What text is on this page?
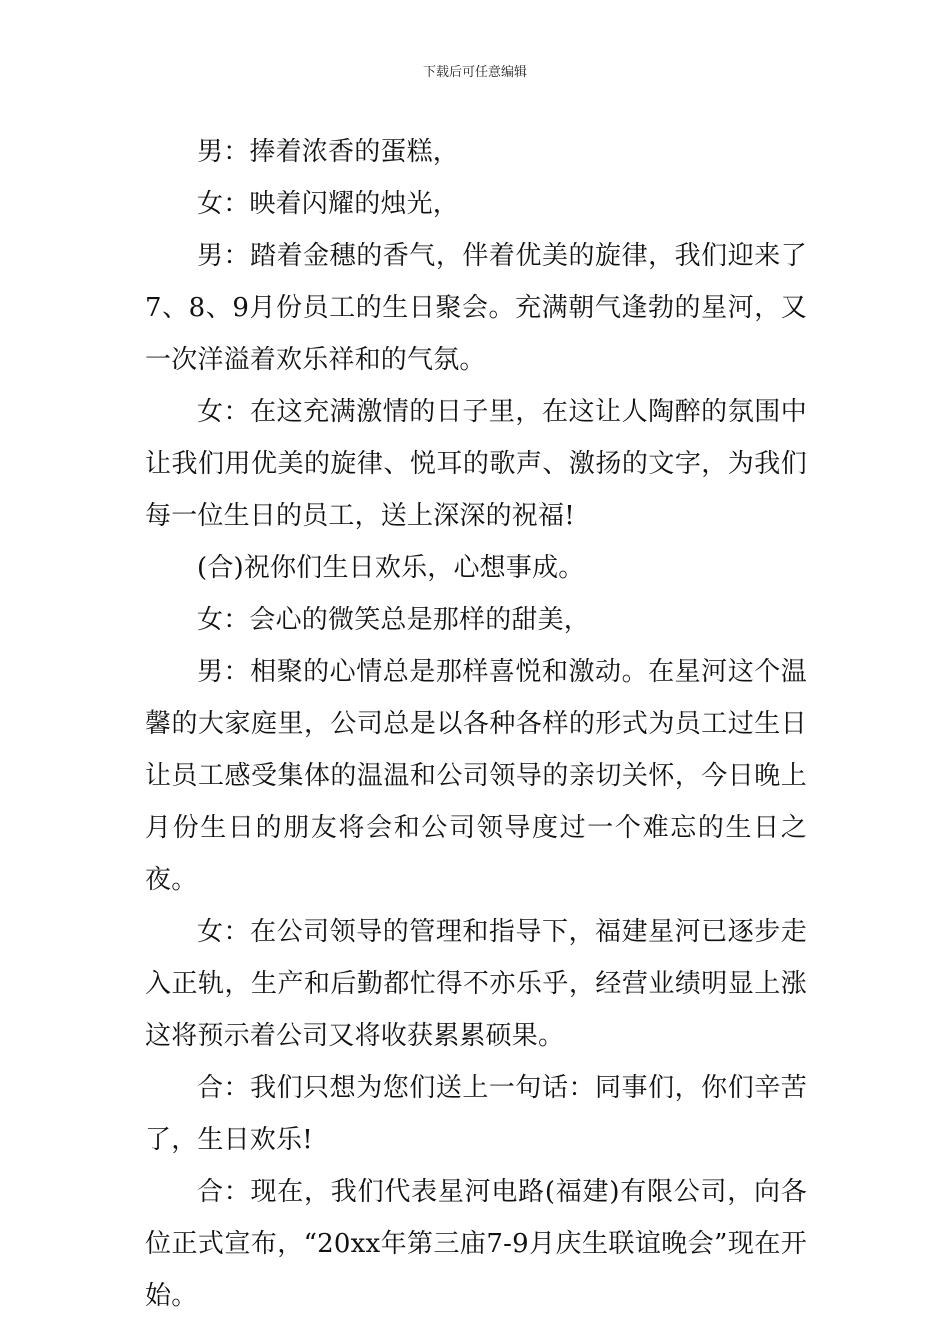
下载后可任意编辑

男：捧着浓香的蛋糕，

女：映着闪耀的烛光，

男：踏着金穗的香气，伴着优美的旋律，我们迎来了7、8、9月份员工的生日聚会。充满朝气逢勃的星河，又一次洋溢着欢乐祥和的气氛。

女：在这充满激情的日子里，在这让人陶醉的氛围中让我们用优美的旋律、悦耳的歌声、激扬的文字，为我们每一位生日的员工，送上深深的祝福!

(合)祝你们生日欢乐，心想事成。

女：会心的微笑总是那样的甜美，

男：相聚的心情总是那样喜悦和激动。在星河这个温馨的大家庭里，公司总是以各种各样的形式为员工过生日让员工感受集体的温温和公司领导的亲切关怀，今日晚上月份生日的朋友将会和公司领导度过一个难忘的生日之夜。

女：在公司领导的管理和指导下，福建星河已逐步走入正轨，生产和后勤都忙得不亦乐乎，经营业绩明显上涨这将预示着公司又将收获累累硕果。

合：我们只想为您们送上一句话：同事们，你们辛苦了，生日欢乐!

合：现在，我们代表星河电路(福建)有限公司，向各位正式宣布，“20xx年第三庙7-9月庆生联谊晚会”现在开始。
